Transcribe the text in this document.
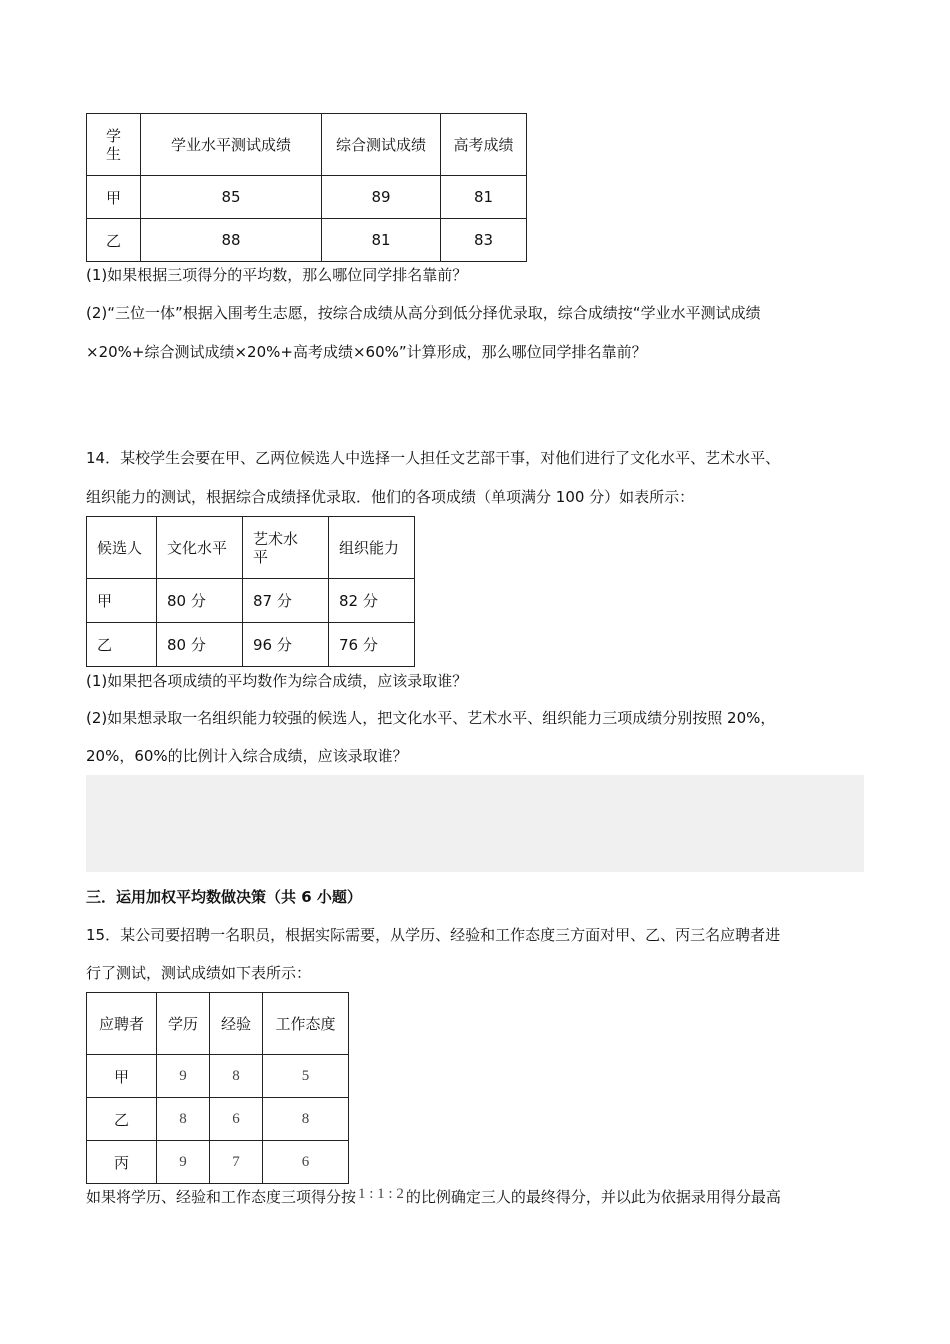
学生	学业水平测试成绩	综合测试成绩	高考成绩
甲	85	89	81
乙	88	81	83
(1)如果根据三项得分的平均数，那么哪位同学排名靠前？
(2)“三位一体”根据入围考生志愿，按综合成绩从高分到低分择优录取，综合成绩按“学业水平测试成绩
×20%+综合测试成绩×20%+高考成绩×60%”计算形成，那么哪位同学排名靠前？
14．某校学生会要在甲、乙两位候选人中选择一人担任文艺部干事，对他们进行了文化水平、艺术水平、
组织能力的测试，根据综合成绩择优录取．他们的各项成绩（单项满分 100 分）如表所示：
候选人	文化水平	艺术水平	组织能力
甲	80 分	87 分	82 分
乙	80 分	96 分	76 分
(1)如果把各项成绩的平均数作为综合成绩，应该录取谁？
(2)如果想录取一名组织能力较强的候选人，把文化水平、艺术水平、组织能力三项成绩分别按照 20%，
20%，60%的比例计入综合成绩，应该录取谁？
三．运用加权平均数做决策（共 6 小题）
15．某公司要招聘一名职员，根据实际需要，从学历、经验和工作态度三方面对甲、乙、丙三名应聘者进
行了测试，测试成绩如下表所示：
应聘者	学历	经验	工作态度
甲	9	8	5
乙	8	6	8
丙	9	7	6
如果将学历、经验和工作态度三项得分按 1 : 1 : 2 的比例确定三人的最终得分，并以此为依据录用得分最高
